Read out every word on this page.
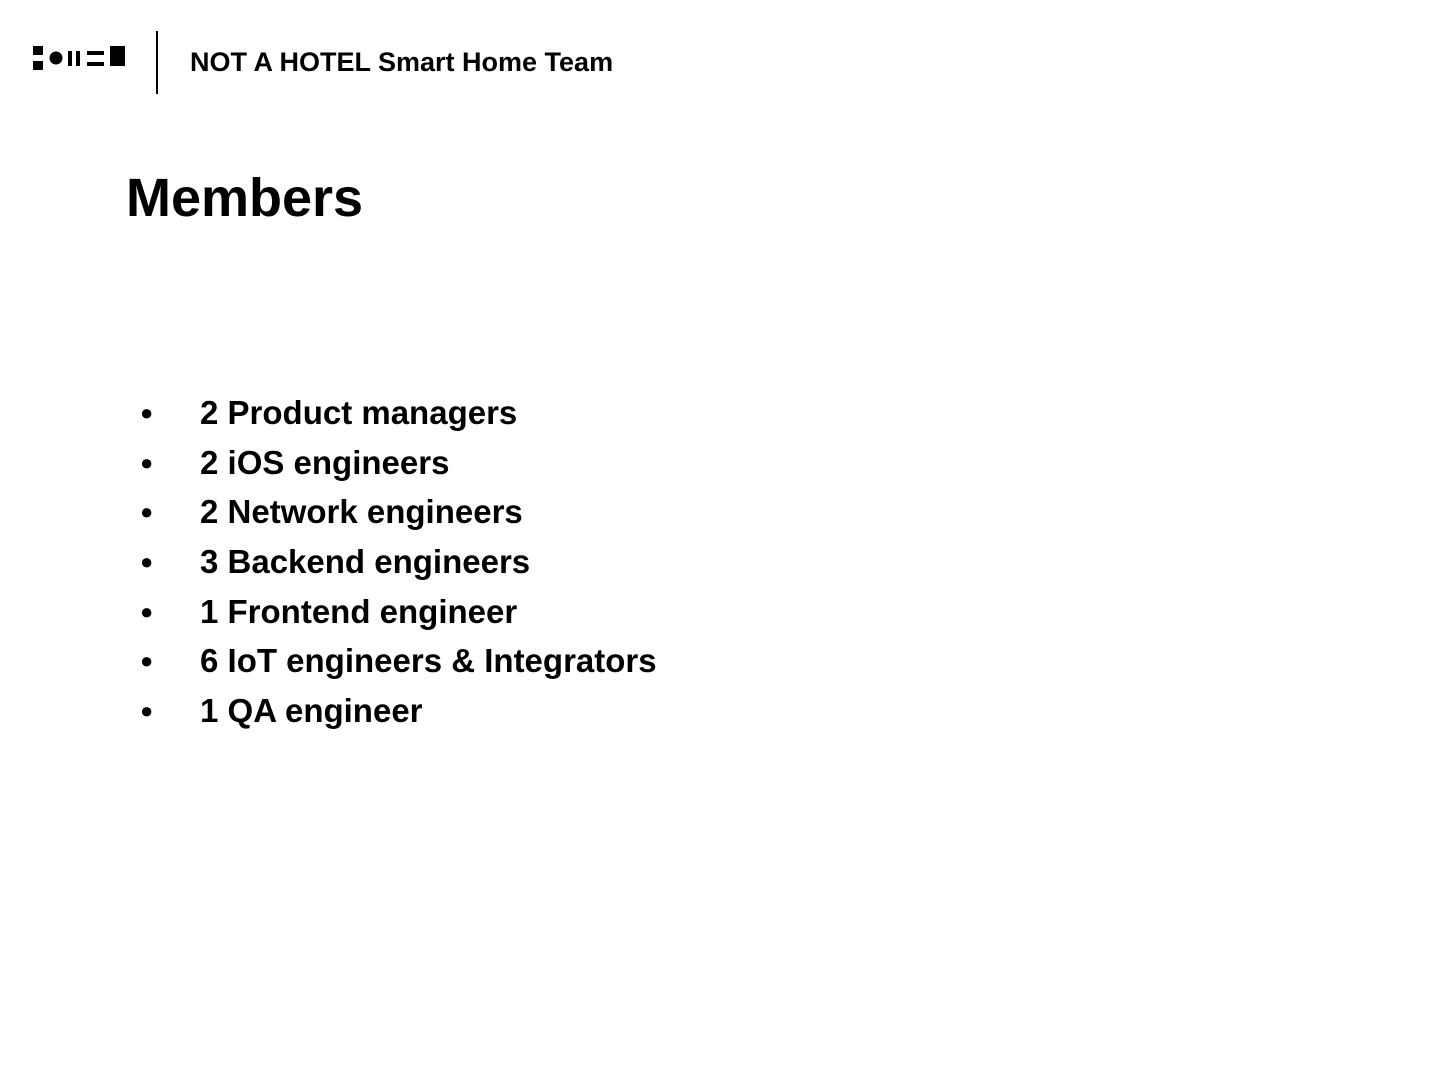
NOT A HOTEL Smart Home Team
Members
●	2 Product managers
●	2 iOS engineers
●	2 Network engineers
●	3 Backend engineers
●	1 Frontend engineer
●	6 IoT engineers & Integrators
●	1 QA engineer
